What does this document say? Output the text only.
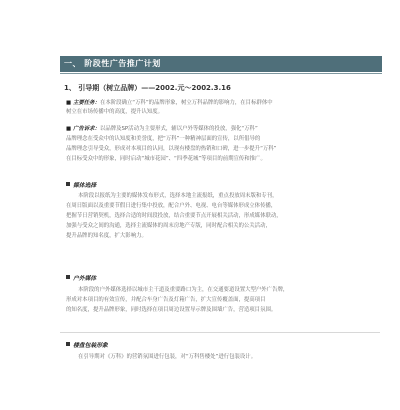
一、 阶段性广告推广计划
1、 引导期（树立品牌）——2002.元～2002.3.16
■ 主要任务：在本阶段确立“万科”的品牌形象，树立万科品牌的影响力，在目标群体中
树立在市场传播中的高度，提升认知度。
■ 广告诉求：以品牌及SP活动为主要形式，辅以户外等媒体的投放，强化“万科”
品牌理念在受众中的认知度和美誉度，把“万科”一种精神层面的宣传，以所倡导的
品牌理念引导受众，形成对本项目的认同，以现有楼盘的热销和口碑，进一步提升“万科”
在目标受众中的形象，同时启动“城市花园”、“四季花城”等项目的前期宣传和推广。
媒体选择
本阶段以报纸为主要的媒体发布形式，选择本地主流报纸，重点投放周末版和专刊，
在周日版面以及重要节假日进行集中投放，配合户外、电视、电台等媒体形成立体传播，
把握节日营销契机，选择合适的时间段投放，结合重要节点开展相关活动，形成媒体联动，
加强与受众之间的沟通，选择主流媒体的周末房地产专版，同时配合相关的公关活动，
提升品牌的知名度，扩大影响力。
户外媒体
本阶段的户外媒体选择以城市主干道及重要路口为主，在交通要道设置大型户外广告牌，
形成对本项目的有效宣传，并配合车身广告及灯箱广告，扩大宣传覆盖面，提高项目
的知名度，提升品牌形象，同时选择在项目周边设置导示牌及围墙广告，营造项目氛围。
楼盘包装形象
在引导期对《万科》的营销氛围进行包装，对“万科售楼处”进行包装设计。
